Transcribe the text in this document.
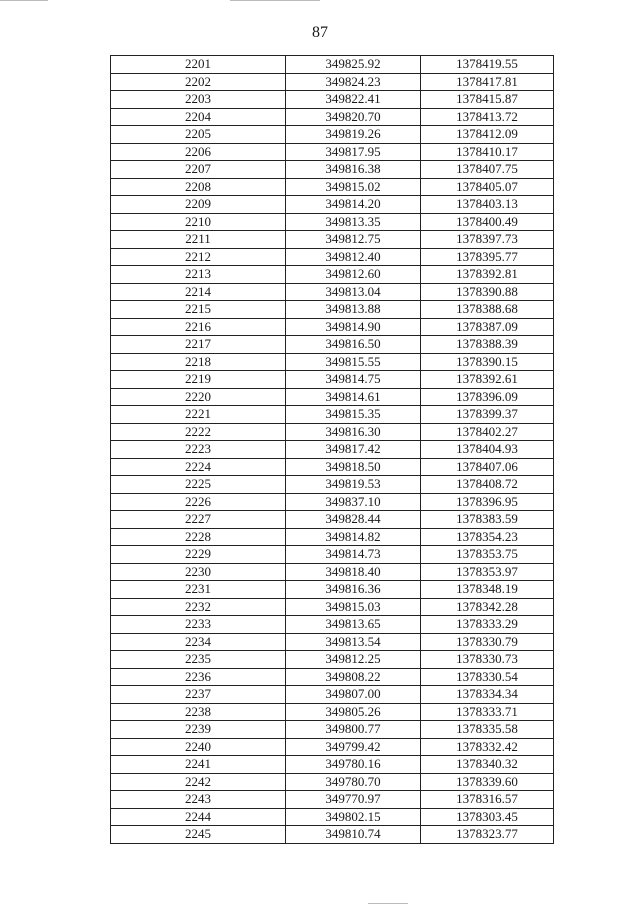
87
2201	349825.92	1378419.55
2202	349824.23	1378417.81
2203	349822.41	1378415.87
2204	349820.70	1378413.72
2205	349819.26	1378412.09
2206	349817.95	1378410.17
2207	349816.38	1378407.75
2208	349815.02	1378405.07
2209	349814.20	1378403.13
2210	349813.35	1378400.49
2211	349812.75	1378397.73
2212	349812.40	1378395.77
2213	349812.60	1378392.81
2214	349813.04	1378390.88
2215	349813.88	1378388.68
2216	349814.90	1378387.09
2217	349816.50	1378388.39
2218	349815.55	1378390.15
2219	349814.75	1378392.61
2220	349814.61	1378396.09
2221	349815.35	1378399.37
2222	349816.30	1378402.27
2223	349817.42	1378404.93
2224	349818.50	1378407.06
2225	349819.53	1378408.72
2226	349837.10	1378396.95
2227	349828.44	1378383.59
2228	349814.82	1378354.23
2229	349814.73	1378353.75
2230	349818.40	1378353.97
2231	349816.36	1378348.19
2232	349815.03	1378342.28
2233	349813.65	1378333.29
2234	349813.54	1378330.79
2235	349812.25	1378330.73
2236	349808.22	1378330.54
2237	349807.00	1378334.34
2238	349805.26	1378333.71
2239	349800.77	1378335.58
2240	349799.42	1378332.42
2241	349780.16	1378340.32
2242	349780.70	1378339.60
2243	349770.97	1378316.57
2244	349802.15	1378303.45
2245	349810.74	1378323.77
